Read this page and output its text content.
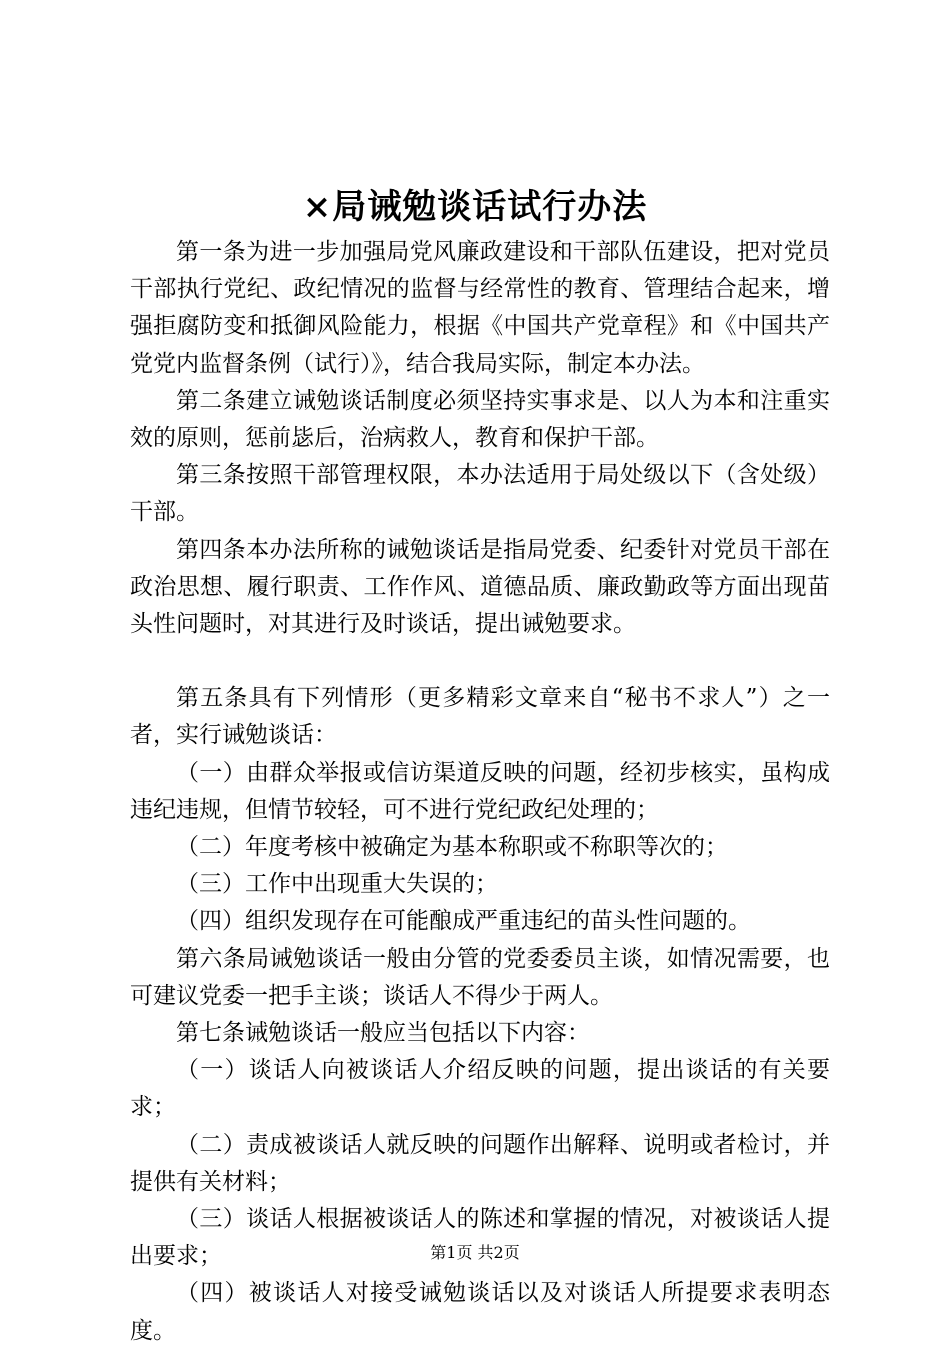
×局诫勉谈话试行办法

第一条为进一步加强局党风廉政建设和干部队伍建设，把对党员干部执行党纪、政纪情况的监督与经常性的教育、管理结合起来，增强拒腐防变和抵御风险能力，根据《中国共产党章程》和《中国共产党党内监督条例（试行）》，结合我局实际，制定本办法。

第二条建立诫勉谈话制度必须坚持实事求是、以人为本和注重实效的原则，惩前毖后，治病救人，教育和保护干部。

第三条按照干部管理权限，本办法适用于局处级以下（含处级）干部。

第四条本办法所称的诫勉谈话是指局党委、纪委针对党员干部在政治思想、履行职责、工作作风、道德品质、廉政勤政等方面出现苗头性问题时，对其进行及时谈话，提出诫勉要求。

第五条具有下列情形（更多精彩文章来自“秘书不求人”）之一者，实行诫勉谈话：

（一）由群众举报或信访渠道反映的问题，经初步核实，虽构成违纪违规，但情节较轻，可不进行党纪政纪处理的；

（二）年度考核中被确定为基本称职或不称职等次的；

（三）工作中出现重大失误的；

（四）组织发现存在可能酿成严重违纪的苗头性问题的。

第六条局诫勉谈话一般由分管的党委委员主谈，如情况需要，也可建议党委一把手主谈；谈话人不得少于两人。

第七条诫勉谈话一般应当包括以下内容：

（一）谈话人向被谈话人介绍反映的问题，提出谈话的有关要求；

（二）责成被谈话人就反映的问题作出解释、说明或者检讨，并提供有关材料；

（三）谈话人根据被谈话人的陈述和掌握的情况，对被谈话人提出要求；

（四）被谈话人对接受诫勉谈话以及对谈话人所提要求表明态度。

第1页 共2页
